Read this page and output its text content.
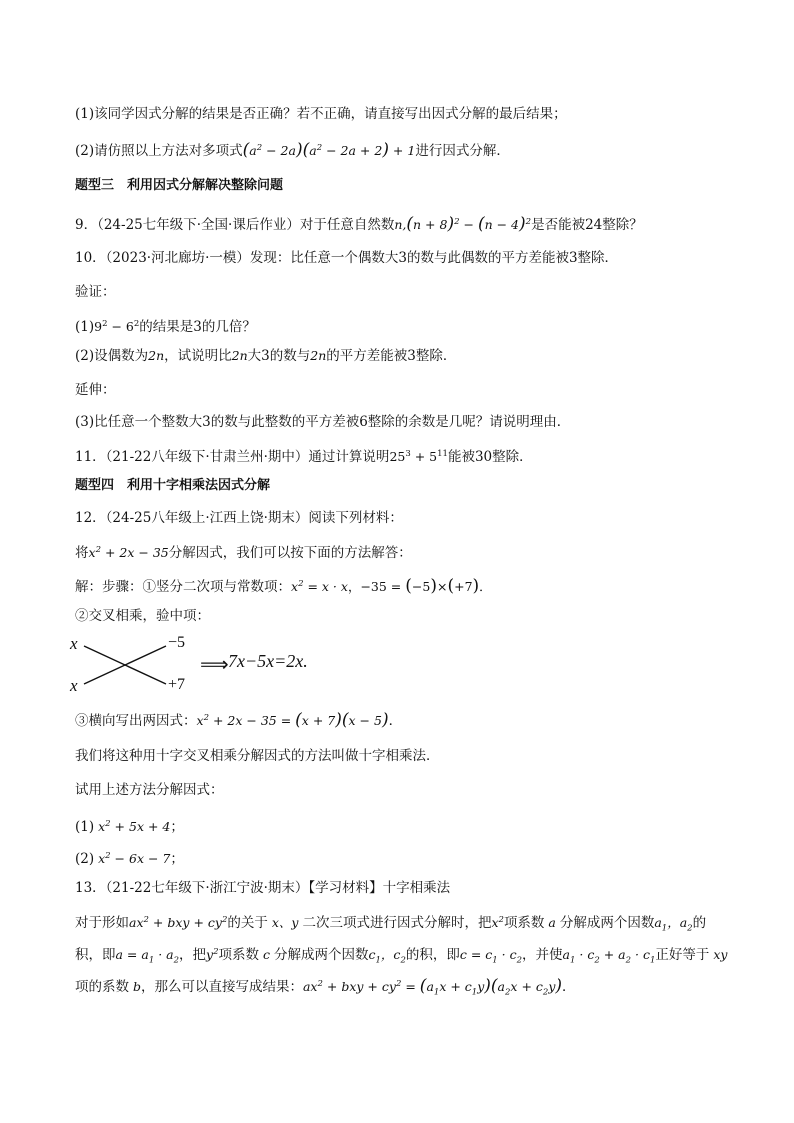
(1)该同学因式分解的结果是否正确？若不正确，请直接写出因式分解的最后结果；
(2)请仿照以上方法对多项式$(a^2 - 2a)(a^2 - 2a + 2) + 1$进行因式分解．
题型三　利用因式分解解决整除问题
9．（24-25七年级下·全国·课后作业）对于任意自然数$n,(n + 8)^2 - (n - 4)^2$是否能被24整除？
10．（2023·河北廊坊·一模）发现：比任意一个偶数大3的数与此偶数的平方差能被3整除．
验证：
$(1)9^2 - 6^2$的结果是3的几倍？
(2)设偶数为2n，试说明比2n大3的数与2n的平方差能被3整除．
延伸：
(3)比任意一个整数大3的数与此整数的平方差被6整除的余数是几呢？请说明理由．
11．（21-22八年级下·甘肃兰州·期中）通过计算说明$25^3 + 5^{11}$能被30整除．
题型四　利用十字相乘法因式分解
12．（24-25八年级上·江西上饶·期末）阅读下列材料：
将$x^2 + 2x - 35$分解因式，我们可以按下面的方法解答：
解：步骤：①竖分二次项与常数项：$x^2 = x \cdot x$，−35 = (−5)×(+7)．
②交叉相乘，验中项：
x
x
−5
+7
⟹ 7x−5x=2x.
③横向写出两因式：$x^2 + 2x - 35 = (x + 7)(x - 5)$．
我们将这种用十字交叉相乘分解因式的方法叫做十字相乘法．
试用上述方法分解因式：
(1) $x^2 + 5x + 4$；
(2) $x^2 - 6x - 7$；
13．（21-22七年级下·浙江宁波·期末）【学习材料】十字相乘法
对于形如$ax^2$ + bxy + $cy^2$的关于 x、y 二次三项式进行因式分解时，把$x^2$项系数 a 分解成两个因数$a_1$，$a_2$的
积，即$a = a_1 \cdot a_2$，把$y^2$项系数 c 分解成两个因数$c_1$，$c_2$的积，即$c = c_1 \cdot c_2$，并使$a_1 \cdot c_2 + a_2 \cdot c_1$正好等于 xy
项的系数 b，那么可以直接写成结果：$ax^2$ + bxy + $cy^2 = (a_1x + c_1y)(a_2x + c_2y)$．
